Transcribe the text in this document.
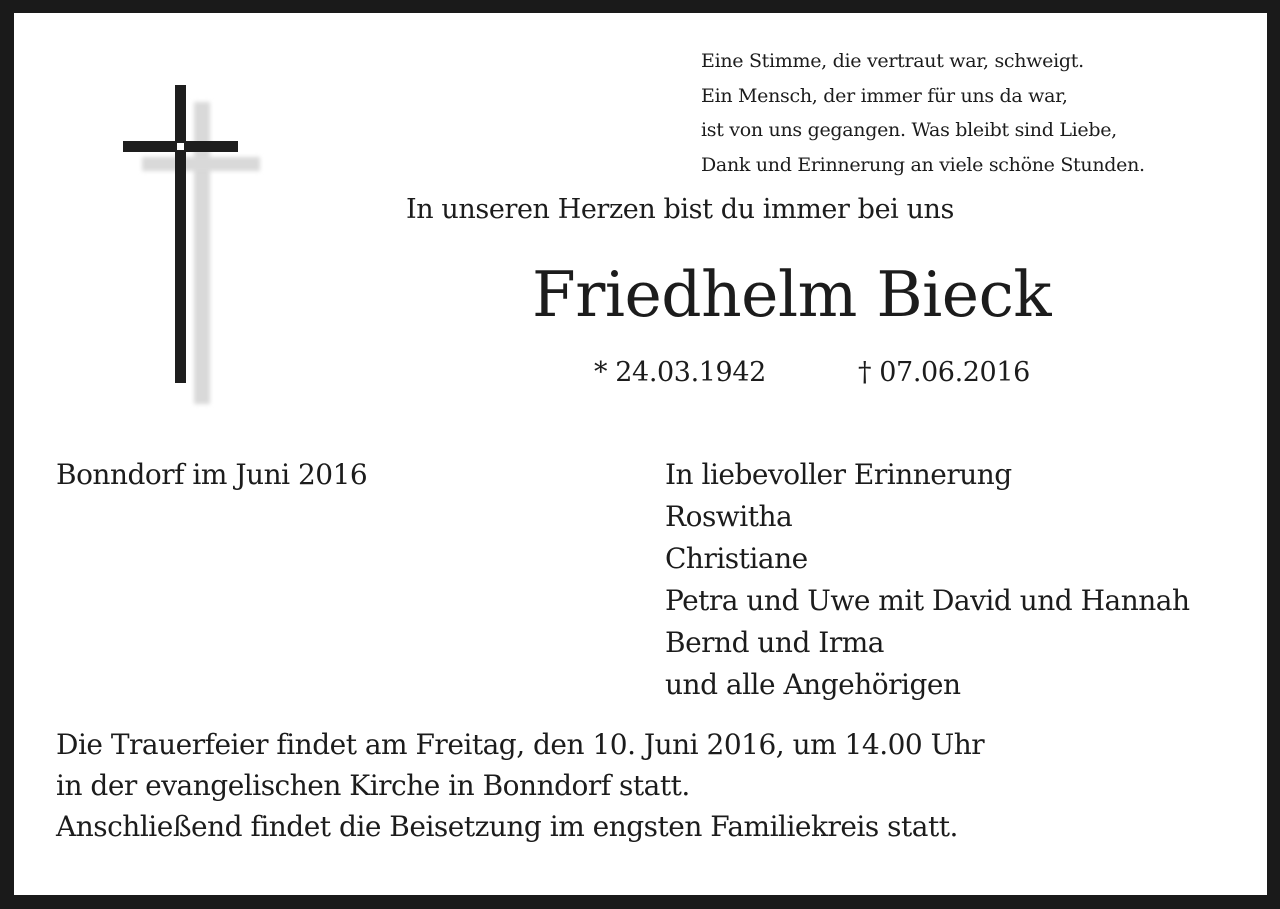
Eine Stimme, die vertraut war, schweigt.
Ein Mensch, der immer für uns da war,
ist von uns gegangen. Was bleibt sind Liebe,
Dank und Erinnerung an viele schöne Stunden.
In unseren Herzen bist du immer bei uns
Friedhelm Bieck
* 24.03.1942	† 07.06.2016
Bonndorf im Juni 2016	In liebevoller Erinnerung
Roswitha
Christiane
Petra und Uwe mit David und Hannah
Bernd und Irma
und alle Angehörigen
Die Trauerfeier findet am Freitag, den 10. Juni 2016, um 14.00 Uhr
in der evangelischen Kirche in Bonndorf statt.
Anschließend findet die Beisetzung im engsten Familiekreis statt.
